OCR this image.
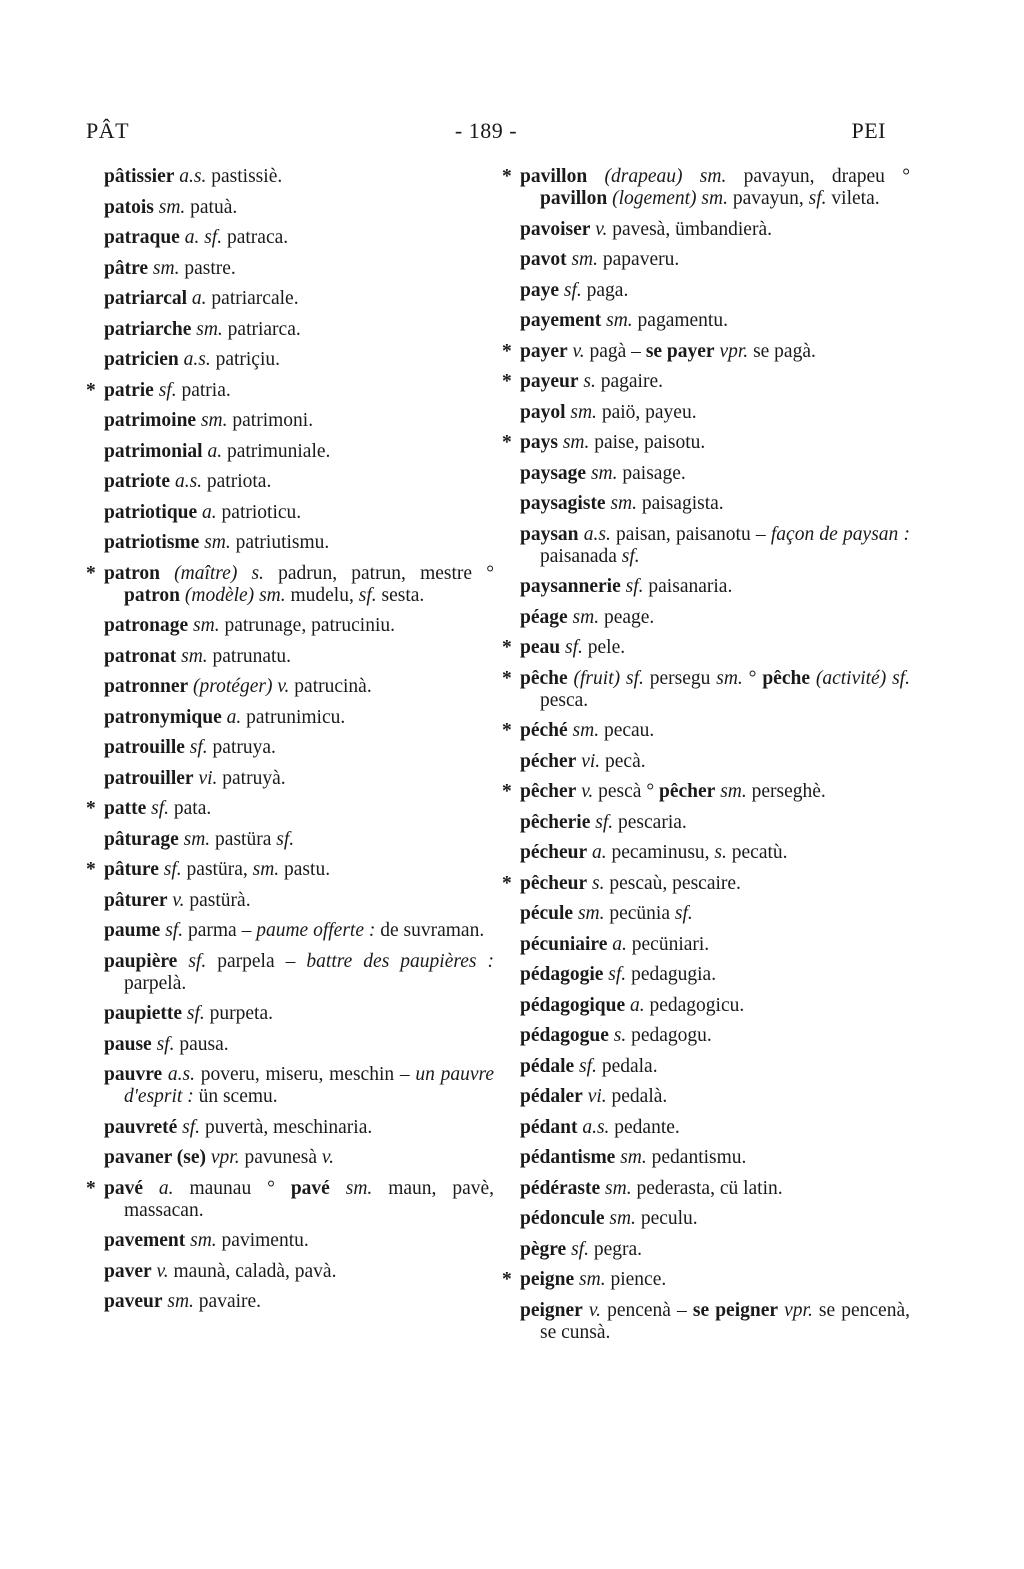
PÂT	- 189 -	PEI
pâtissier a.s. pastissiè.
patois sm. patuà.
patraque a. sf. patraca.
pâtre sm. pastre.
patriarcal a. patriarcale.
patriarche sm. patriarca.
patricien a.s. patriçiu.
* patrie sf. patria.
patrimoine sm. patrimoni.
patrimonial a. patrimuniale.
patriote a.s. patriota.
patriotique a. patrioticu.
patriotisme sm. patriutismu.
* patron (maître) s. padrun, patrun, mestre ° patron (modèle) sm. mudelu, sf. sesta.
patronage sm. patrunage, patruciniu.
patronat sm. patrunatu.
patronner (protéger) v. patrucinà.
patronymique a. patrunimicu.
patrouille sf. patruya.
patrouiller vi. patruyà.
* patte sf. pata.
pâturage sm. pastüra sf.
* pâture sf. pastüra, sm. pastu.
pâturer v. pastürà.
paume sf. parma – paume offerte : de suvraman.
paupière sf. parpela – battre des paupières : parpelà.
paupiette sf. purpeta.
pause sf. pausa.
pauvre a.s. poveru, miseru, meschin – un pauvre d'esprit : ün scemu.
pauvreté sf. puvertà, meschinaria.
pavaner (se) vpr. pavunesà v.
* pavé a. maunau ° pavé sm. maun, pavè, massacan.
pavement sm. pavimentu.
paver v. maunà, caladà, pavà.
paveur sm. pavaire.
* pavillon (drapeau) sm. pavayun, drapeu ° pavillon (logement) sm. pavayun, sf. vileta.
pavoiser v. pavesà, ümbandierà.
pavot sm. papaveru.
paye sf. paga.
payement sm. pagamentu.
* payer v. pagà – se payer vpr. se pagà.
* payeur s. pagaire.
payol sm. paiö, payeu.
* pays sm. paise, paisotu.
paysage sm. paisage.
paysagiste sm. paisagista.
paysan a.s. paisan, paisanotu – façon de paysan : paisanada sf.
paysannerie sf. paisanaria.
péage sm. peage.
* peau sf. pele.
* pêche (fruit) sf. persegu sm. ° pêche (activité) sf. pesca.
* péché sm. pecau.
pécher vi. pecà.
* pêcher v. pescà ° pêcher sm. perseghè.
pêcherie sf. pescaria.
pécheur a. pecaminusu, s. pecatù.
* pêcheur s. pescaù, pescaire.
pécule sm. pecünia sf.
pécuniaire a. pecüniari.
pédagogie sf. pedagugia.
pédagogique a. pedagogicu.
pédagogue s. pedagogu.
pédale sf. pedala.
pédaler vi. pedalà.
pédant a.s. pedante.
pédantisme sm. pedantismu.
pédéraste sm. pederasta, cü latin.
pédoncule sm. peculu.
pègre sf. pegra.
* peigne sm. pience.
peigner v. pencenà – se peigner vpr. se pencenà, se cunsà.
